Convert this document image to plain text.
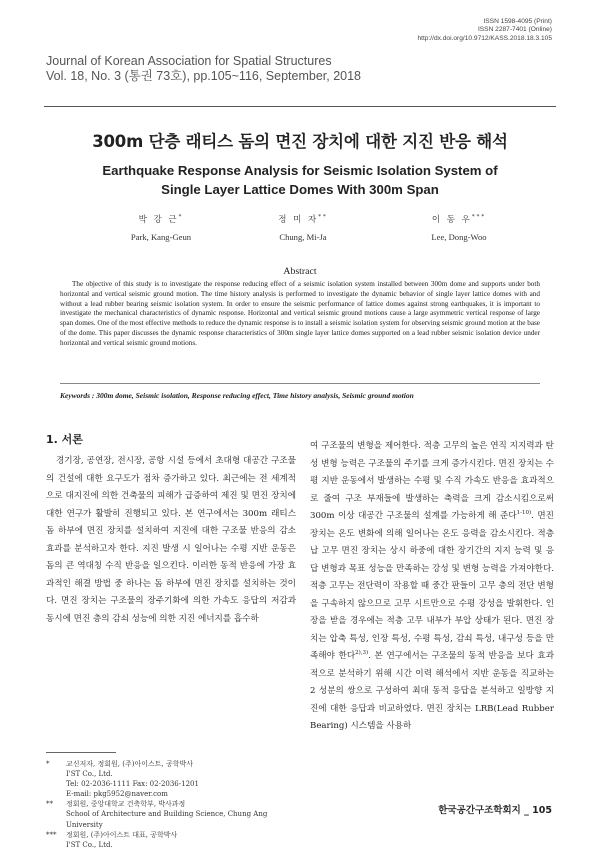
ISSN 1598-4095 (Print)
ISSN 2287-7401 (Online)
http://dx.doi.org/10.9712/KASS.2018.18.3.105
Journal of Korean Association for Spatial Structures
Vol. 18, No. 3 (통권 73호), pp.105~116, September, 2018
300m 단층 래티스 돔의 면진 장치에 대한 지진 반응 해석
Earthquake Response Analysis for Seismic Isolation System of
Single Layer Lattice Domes With 300m Span
박 강 근*
Park, Kang-Geun
정 미 자**
Chung, Mi-Ja
이 동 우***
Lee, Dong-Woo
Abstract
The objective of this study is to investigate the response reducing effect of a seismic isolation system installed between 300m dome and supports under both horizontal and vertical seismic ground motion. The time history analysis is performed to investigate the dynamic behavior of single layer lattice domes with and without a lead rubber bearing seismic isolation system. In order to ensure the seismic performance of lattice domes against strong earthquakes, it is important to investigate the mechanical characteristics of dynamic response. Horizontal and vertical seismic ground motions cause a large asymmetric vertical response of large span domes. One of the most effective methods to reduce the dynamic response is to install a seismic isolation system for observing seismic ground motion at the base of the dome. This paper discusses the dynamic response characteristics of 300m single layer lattice domes supported on a lead rubber seismic isolation device under horizontal and vertical seismic ground motions.
Keywords : 300m dome, Seismic isolation, Response reducing effect, Time history analysis, Seismic ground motion
1. 서론

경기장, 공연장, 전시장, 공항 시설 등에서 초대형 대공간 구조물의 건설에 대한 요구도가 점차 증가하고 있다. 최근에는 전 세계적으로 대지진에 의한 건축물의 피해가 급증하여 제진 및 면진 장치에 대한 연구가 활발히 진행되고 있다. 본 연구에서는 300m 래티스 돔 하부에 면진 장치를 설치하여 지진에 대한 구조물 반응의 감소 효과를 분석하고자 한다. 지진 발생 시 일어나는 수평 지반 운동은 돔의 큰 역대칭 수직 반응을 일으킨다. 이러한 동적 반응에 가장 효과적인 해결 방법 중 하나는 돔 하부에 면진 장치를 설치하는 것이다. 면진 장치는 구조물의 장주기화에 의한 가속도 응답의 저감과 동시에 면진 층의 감쇠 성능에 의한 지진 에너지를 흡수하

*	교신저자, 정회원, (주)아이스트, 공학박사
I'ST Co., Ltd.
Tel: 02-2036-1111 Fax: 02-2036-1201
E-mail: pkg5952@naver.com
**	정회원, 중앙대학교 건축학부, 박사과정
School of Architecture and Building Science, Chung Ang University
***	정회원, (주)아이스트 대표, 공학박사
I'ST Co., Ltd.

여 구조물의 변형을 제어한다. 적층 고무의 높은 연직 지지력과 탄성 변형 능력은 구조물의 주기를 크게 증가시킨다. 면진 장치는 수평 지반 운동에서 발생하는 수평 및 수직 가속도 반응을 효과적으로 줄여 구조 부재들에 발생하는 축력을 크게 감소시킴으로써 300m 이상 대공간 구조물의 설계를 가능하게 해 준다$^{1-10)}$. 면진 장치는 온도 변화에 의해 일어나는 온도 응력을 감소시킨다. 적층 납 고무 면진 장치는 상시 하중에 대한 장기간의 지지 능력 및 응답 변형과 목표 성능을 만족하는 강성 및 변형 능력을 가져야한다. 적층 고무는 전단력이 작용할 때 중간 판들이 고무 층의 전단 변형을 구속하지 않으므로 고무 시트만으로 수평 강성을 발휘한다. 인장을 받을 경우에는 적층 고무 내부가 부압 상태가 된다. 면진 장치는 압축 특성, 인장 특성, 수평 특성, 감쇠 특성, 내구성 등을 만족해야 한다$^{2),3)}$. 본 연구에서는 구조물의 동적 반응을 보다 효과적으로 분석하기 위해 시간 이력 해석에서 지반 운동을 직교하는 2 성분의 쌍으로 구성하여 최대 동적 응답을 분석하고 일방향 지진에 대한 응답과 비교하였다. 면진 장치는 LRB(Lead Rubber Bearing) 시스템을 사용하

한국공간구조학회지 _ 105
